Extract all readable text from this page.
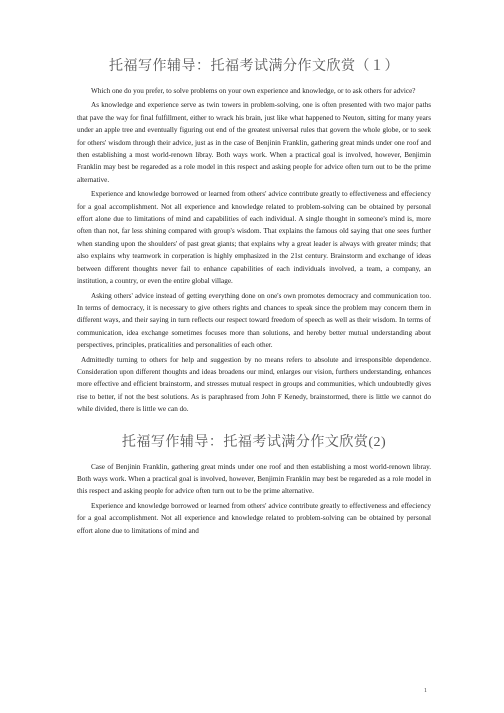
托福写作辅导：托福考试满分作文欣赏（１）

Which one do you prefer, to solve problems on your own experience and knowledge, or to ask others for advice?

As knowledge and experience serve as twin towers in problem-solving, one is often presented with two major paths that pave the way for final fulfillment, either to wrack his brain, just like what happened to Neuton, sitting for many years under an apple tree and eventually figuring out end of the greatest universal rules that govern the whole globe, or to seek for others' wisdom through their advice, just as in the case of Benjinin Franklin, gathering great minds under one roof and then establishing a most world-renown libray. Both ways work. When a practical goal is involved, however, Benjimin Franklin may best be regareded as a role model in this respect and asking people for advice often turn out to be the prime alternative.

Experience and knowledge borrowed or learned from others' advice contribute greatly to effectiveness and effeciency for a goal accomplishment. Not all experience and knowledge related to problem-solving can be obtained by personal effort alone due to limitations of mind and capabilities of each individual. A single thought in someone's mind is, more often than not, far less shining compared with group's wisdom. That explains the famous old saying that one sees further when standing upon the shoulders' of past great giants; that explains why a great leader is always with greater minds; that also explains why teamwork in corperation is highly emphasized in the 21st century. Brainstorm and exchange of ideas between different thoughts never fail to enhance capabilities of each individuals involved, a team, a company, an institution, a country, or even the entire global village.

Asking others' advice instead of getting everything done on one's own promotes democracy and communication too. In terms of democracy, it is necessary to give others rights and chances to speak since the problem may concern them in different ways, and their saying in turn reflects our respect toward freedom of speech as well as their wisdom. In terms of communication, idea exchange sometimes focuses more than solutions, and hereby better mutual understanding about perspectives, principles, praticalities and personalities of each other.

Admittedly turning to others for help and suggestion by no means refers to absolute and irresponsible dependence. Consideration upon different thoughts and ideas broadens our mind, enlarges our vision, furthers understanding, enhances more effective and efficient brainstorm, and stresses mutual respect in groups and communities, which undoubtedly gives rise to better, if not the best solutions. As is paraphrased from John F Kenedy, brainstormed, there is little we cannot do while divided, there is little we can do.

托福写作辅导：托福考试满分作文欣赏(2)

Case of Benjinin Franklin, gathering great minds under one roof and then establishing a most world-renown libray. Both ways work. When a practical goal is involved, however, Benjimin Franklin may best be regareded as a role model in this respect and asking people for advice often turn out to be the prime alternative.

Experience and knowledge borrowed or learned from others' advice contribute greatly to effectiveness and effeciency for a goal accomplishment. Not all experience and knowledge related to problem-solving can be obtained by personal effort alone due to limitations of mind and

1
